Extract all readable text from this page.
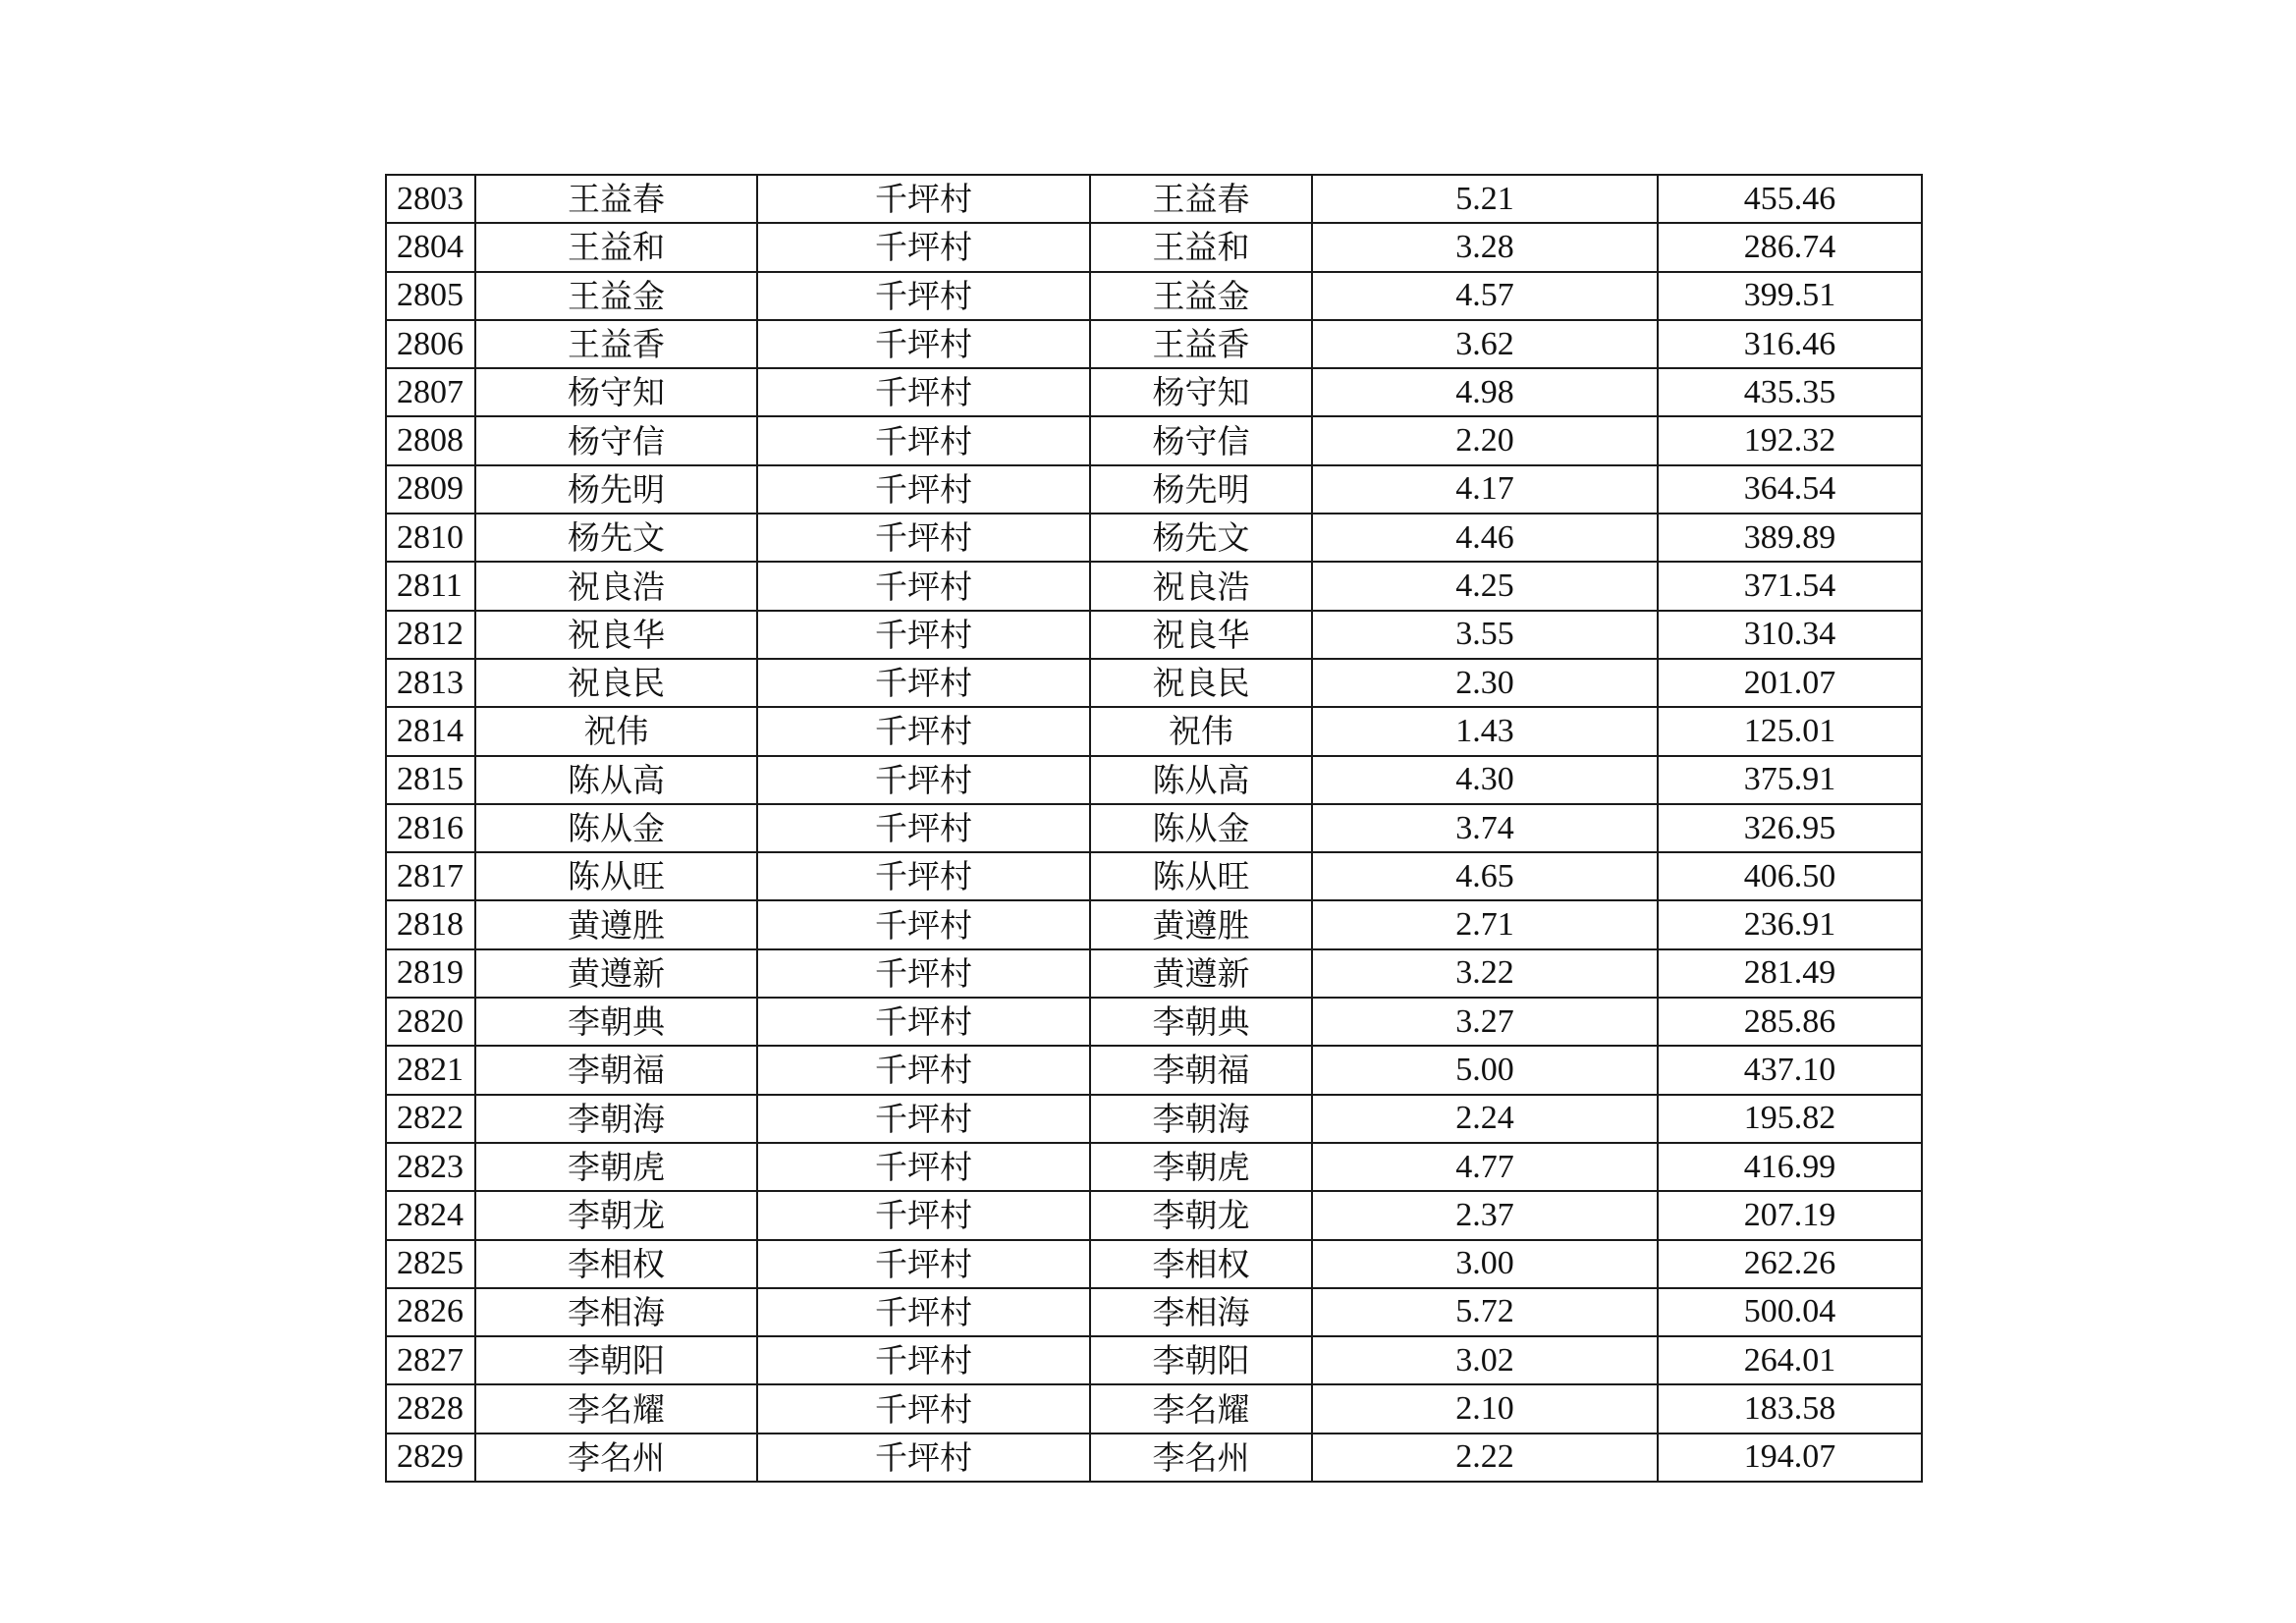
2803	王益春	千坪村	王益春	5.21	455.46
2804	王益和	千坪村	王益和	3.28	286.74
2805	王益金	千坪村	王益金	4.57	399.51
2806	王益香	千坪村	王益香	3.62	316.46
2807	杨守知	千坪村	杨守知	4.98	435.35
2808	杨守信	千坪村	杨守信	2.20	192.32
2809	杨先明	千坪村	杨先明	4.17	364.54
2810	杨先文	千坪村	杨先文	4.46	389.89
2811	祝良浩	千坪村	祝良浩	4.25	371.54
2812	祝良华	千坪村	祝良华	3.55	310.34
2813	祝良民	千坪村	祝良民	2.30	201.07
2814	祝伟	千坪村	祝伟	1.43	125.01
2815	陈从高	千坪村	陈从高	4.30	375.91
2816	陈从金	千坪村	陈从金	3.74	326.95
2817	陈从旺	千坪村	陈从旺	4.65	406.50
2818	黄遵胜	千坪村	黄遵胜	2.71	236.91
2819	黄遵新	千坪村	黄遵新	3.22	281.49
2820	李朝典	千坪村	李朝典	3.27	285.86
2821	李朝福	千坪村	李朝福	5.00	437.10
2822	李朝海	千坪村	李朝海	2.24	195.82
2823	李朝虎	千坪村	李朝虎	4.77	416.99
2824	李朝龙	千坪村	李朝龙	2.37	207.19
2825	李相权	千坪村	李相权	3.00	262.26
2826	李相海	千坪村	李相海	5.72	500.04
2827	李朝阳	千坪村	李朝阳	3.02	264.01
2828	李名耀	千坪村	李名耀	2.10	183.58
2829	李名州	千坪村	李名州	2.22	194.07
